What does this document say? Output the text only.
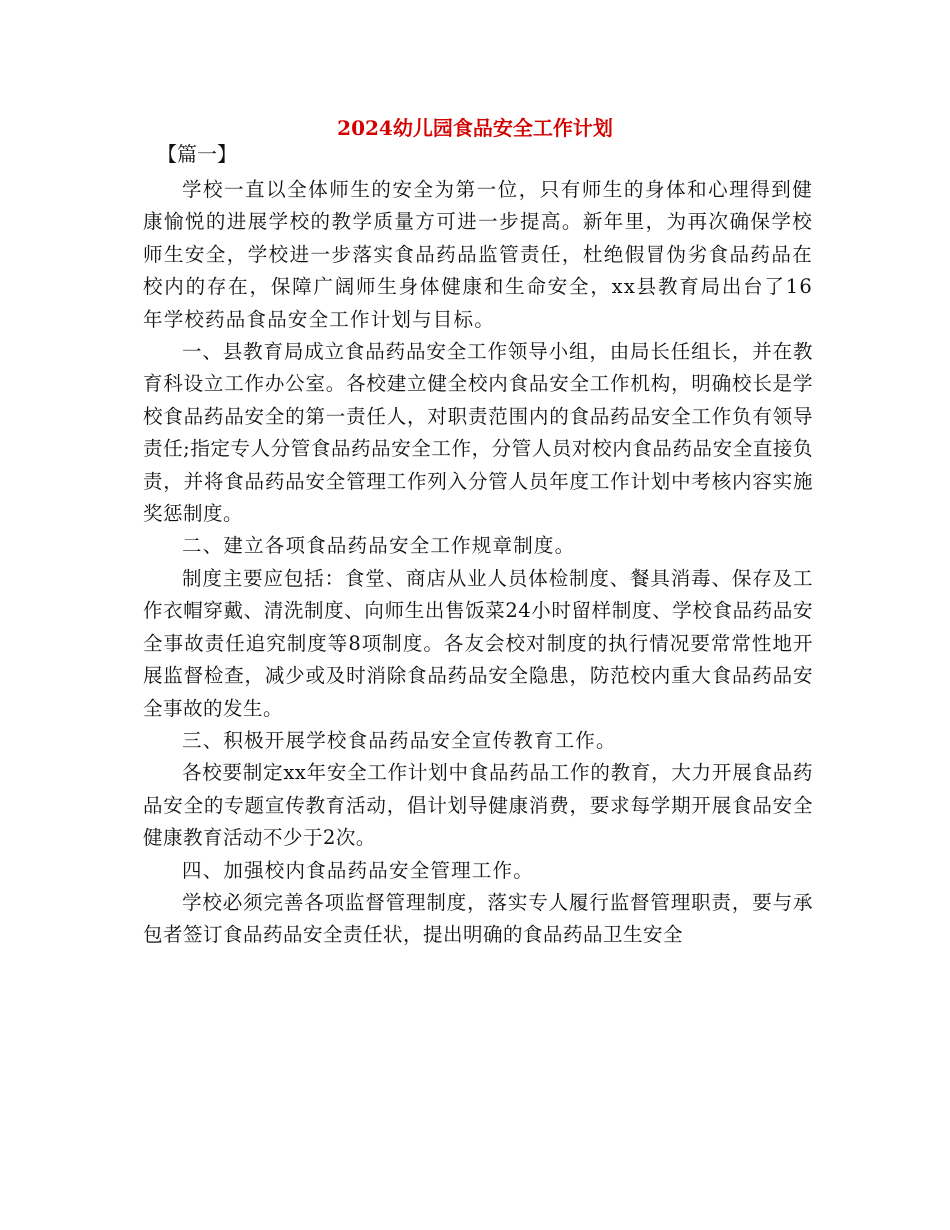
2024幼儿园食品安全工作计划
【篇一】

学校一直以全体师生的安全为第一位，只有师生的身体和心理得到健康愉悦的进展学校的教学质量方可进一步提高。新年里，为再次确保学校师生安全，学校进一步落实食品药品监管责任，杜绝假冒伪劣食品药品在校内的存在，保障广阔师生身体健康和生命安全，xx县教育局出台了16年学校药品食品安全工作计划与目标。

一、县教育局成立食品药品安全工作领导小组，由局长任组长，并在教育科设立工作办公室。各校建立健全校内食品安全工作机构，明确校长是学校食品药品安全的第一责任人，对职责范围内的食品药品安全工作负有领导责任;指定专人分管食品药品安全工作，分管人员对校内食品药品安全直接负责，并将食品药品安全管理工作列入分管人员年度工作计划中考核内容实施奖惩制度。

二、建立各项食品药品安全工作规章制度。

制度主要应包括：食堂、商店从业人员体检制度、餐具消毒、保存及工作衣帽穿戴、清洗制度、向师生出售饭菜24小时留样制度、学校食品药品安全事故责任追究制度等8项制度。各友会校对制度的执行情况要常常性地开展监督检查，减少或及时消除食品药品安全隐患，防范校内重大食品药品安全事故的发生。

三、积极开展学校食品药品安全宣传教育工作。

各校要制定xx年安全工作计划中食品药品工作的教育，大力开展食品药品安全的专题宣传教育活动，倡计划导健康消费，要求每学期开展食品安全健康教育活动不少于2次。

四、加强校内食品药品安全管理工作。

学校必须完善各项监督管理制度，落实专人履行监督管理职责，要与承包者签订食品药品安全责任状，提出明确的食品药品卫生安全
